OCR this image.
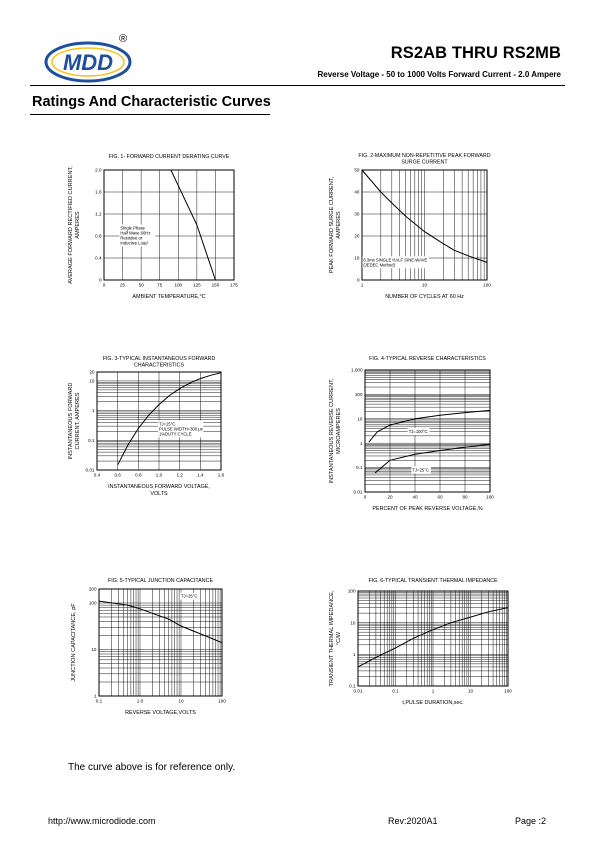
MDD
®
RS2AB THRU RS2MB
Reverse Voltage - 50 to 1000 Volts Forward Current - 2.0 Ampere
Ratings And Characteristic Curves
FIG. 1- FORWARD CURRENT DERATING CURVE
0	25	50	75	100 125 150 175
0
0.4
0.8
1.2
1.6
2.0
AMBIENT TEMPERATURE,°C
AVERAGE FORWARD RECTIFIED CURRENT, AMPERES	Single Phase
Half Wave 60Hz
Resistive or
Inductive Load
FIG. 2-MAXIMUM NON-REPETITIVE PEAK FORWARD
SURGE CURRENT
1	10	100
0
10
20
30
40
50
NUMBER OF CYCLES AT 60 Hz
PEAK FORWARD SURGE CURRENT, AMPERES
8.3ms SINGLE HALF SINE-WAVE
(JEDEC Method)
FIG. 3-TYPICAL INSTANTANEOUS FORWARD
CHARACTERISTICS
0.4	0.6	0.8	1.0	1.2	1.4	1.6
0.01
0.1
1
10
20
INSTANTANEOUS FORWARD VOLTAGE,
VOLTS
INSTANTANEOUS FORWARD CURRENT, AMPERES	TJ=25°C
PULSE WIDTH=300 μs
1%DUTY CYCLE
FIG. 4-TYPICAL REVERSE CHARACTERISTICS
0	20	40	60	80	100
0.01
0.1
1
10
100
1,000
PERCENT OF PEAK REVERSE VOLTAGE,%
INSTANTANEOUS REVERSE CURRENT, MICROAMPERES	TJ=100°C
TJ=25°C
FIG. 5-TYPICAL JUNCTION CAPACITANCE
0.1	1.0	10	100
1
10
100
200
REVERSE VOLTAGE,VOLTS
JUNCTION CAPACITANCE, pF
TJ=25°C
FIG. 6-TYPICAL TRANSIENT THERMAL IMPEDANCE
0.01	0.1	1	10	100
0.1
1
10
100
t,PULSE DURATION,sec.
TRANSIENT THERMAL IMPEDANCE, °C/W
The curve above is for reference only.
http://www.microdiode.com	Rev:2020A1	Page :2
